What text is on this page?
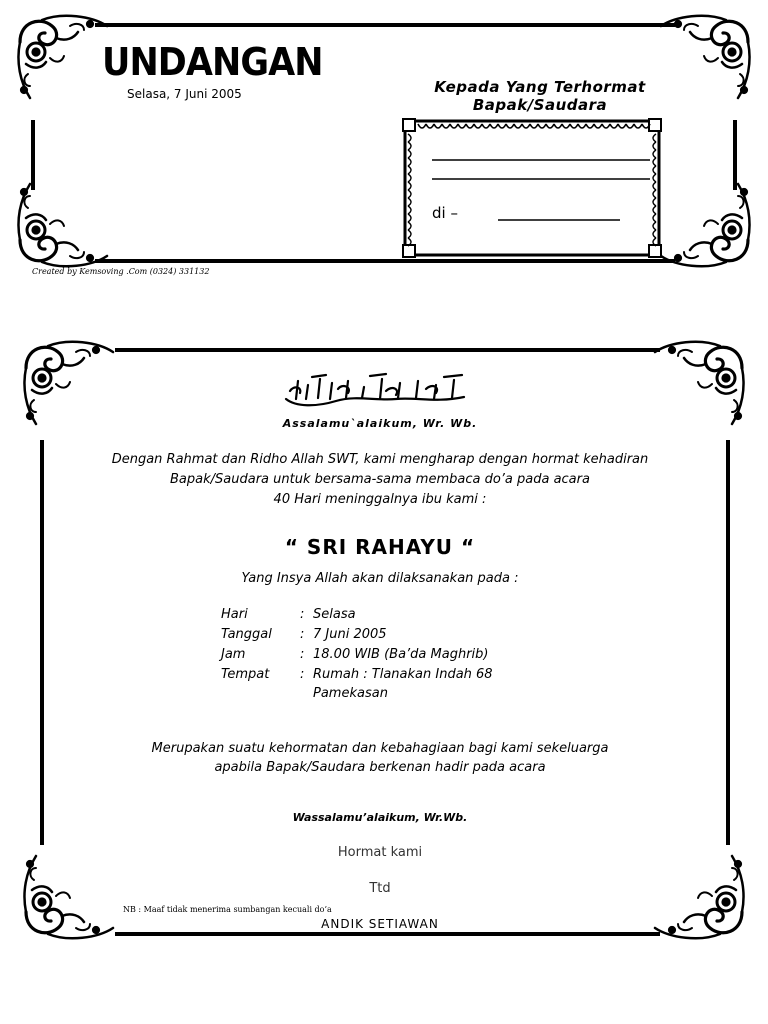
UNDANGAN
Selasa, 7 Juni 2005	Kepada Yang Terhormat
Bapak/Saudara
di –
Created by Kemsoving .Com (0324) 331132
Assalamu`alaikum, Wr. Wb.
Dengan Rahmat dan Ridho Allah SWT, kami mengharap dengan hormat kehadiran
Bapak/Saudara untuk bersama-sama membaca do’a pada acara
40 Hari meninggalnya ibu kami :
“ SRI RAHAYU “
Yang Insya Allah akan dilaksanakan pada :
Hari	: Selasa
Tanggal : 7 Juni 2005
Jam	: 18.00 WIB (Ba’da Maghrib)
Tempat : Rumah : Tlanakan Indah 68
Pamekasan
Merupakan suatu kehormatan dan kebahagiaan bagi kami sekeluarga
apabila Bapak/Saudara berkenan hadir pada acara
Wassalamu’alaikum, Wr.Wb.
Hormat kami
Ttd
NB : Maaf tidak menerima sumbangan kecuali do’a
ANDIK SETIAWAN
